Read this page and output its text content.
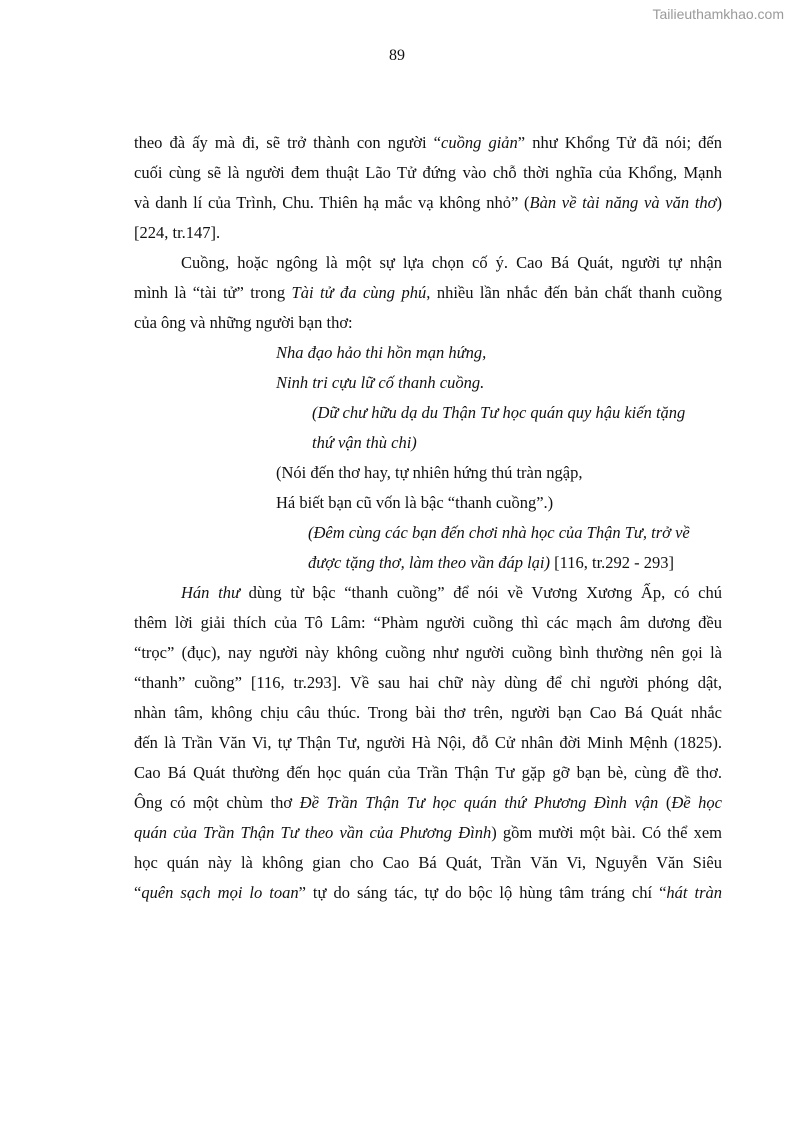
Tailieuthamkhao.com
89
theo đà ấy mà đi, sẽ trở thành con người “cuồng giản” như Khổng Tử đã nói; đến
cuối cùng sẽ là người đem thuật Lão Tử đứng vào chỗ thời nghĩa của Khổng, Mạnh
và danh lí của Trình, Chu. Thiên hạ mắc vạ không nhỏ” (Bàn về tài năng và văn thơ)
[224, tr.147].
Cuồng, hoặc ngông là một sự lựa chọn cố ý. Cao Bá Quát, người tự nhận
mình là “tài tử” trong Tài tử đa cùng phú, nhiều lần nhắc đến bản chất thanh cuồng
của ông và những người bạn thơ:
Nha đạo hảo thi hồn mạn hứng,
Ninh tri cựu lữ cố thanh cuồng.
(Dữ chư hữu dạ du Thận Tư học quán quy hậu kiến tặng
thứ vận thù chi)
(Nói đến thơ hay, tự nhiên hứng thú tràn ngập,
Há biết bạn cũ vốn là bậc “thanh cuồng”.)
(Đêm cùng các bạn đến chơi nhà học của Thận Tư, trở về
được tặng thơ, làm theo vần đáp lại) [116, tr.292 - 293]
Hán thư dùng từ bậc “thanh cuồng” để nói về Vương Xương Ấp, có chú
thêm lời giải thích của Tô Lâm: “Phàm người cuồng thì các mạch âm dương đều
“trọc” (đục), nay người này không cuồng như người cuồng bình thường nên gọi là
“thanh” cuồng” [116, tr.293]. Về sau hai chữ này dùng để chỉ người phóng dật,
nhàn tâm, không chịu câu thúc. Trong bài thơ trên, người bạn Cao Bá Quát nhắc
đến là Trần Văn Vi, tự Thận Tư, người Hà Nội, đỗ Cử nhân đời Minh Mệnh (1825).
Cao Bá Quát thường đến học quán của Trần Thận Tư gặp gỡ bạn bè, cùng đề thơ.
Ông có một chùm thơ Đề Trần Thận Tư học quán thứ Phương Đình vận (Đề học
quán của Trần Thận Tư theo vần của Phương Đình) gồm mười một bài. Có thể xem
học quán này là không gian cho Cao Bá Quát, Trần Văn Vi, Nguyễn Văn Siêu
“quên sạch mọi lo toan” tự do sáng tác, tự do bộc lộ hùng tâm tráng chí “hát tràn
